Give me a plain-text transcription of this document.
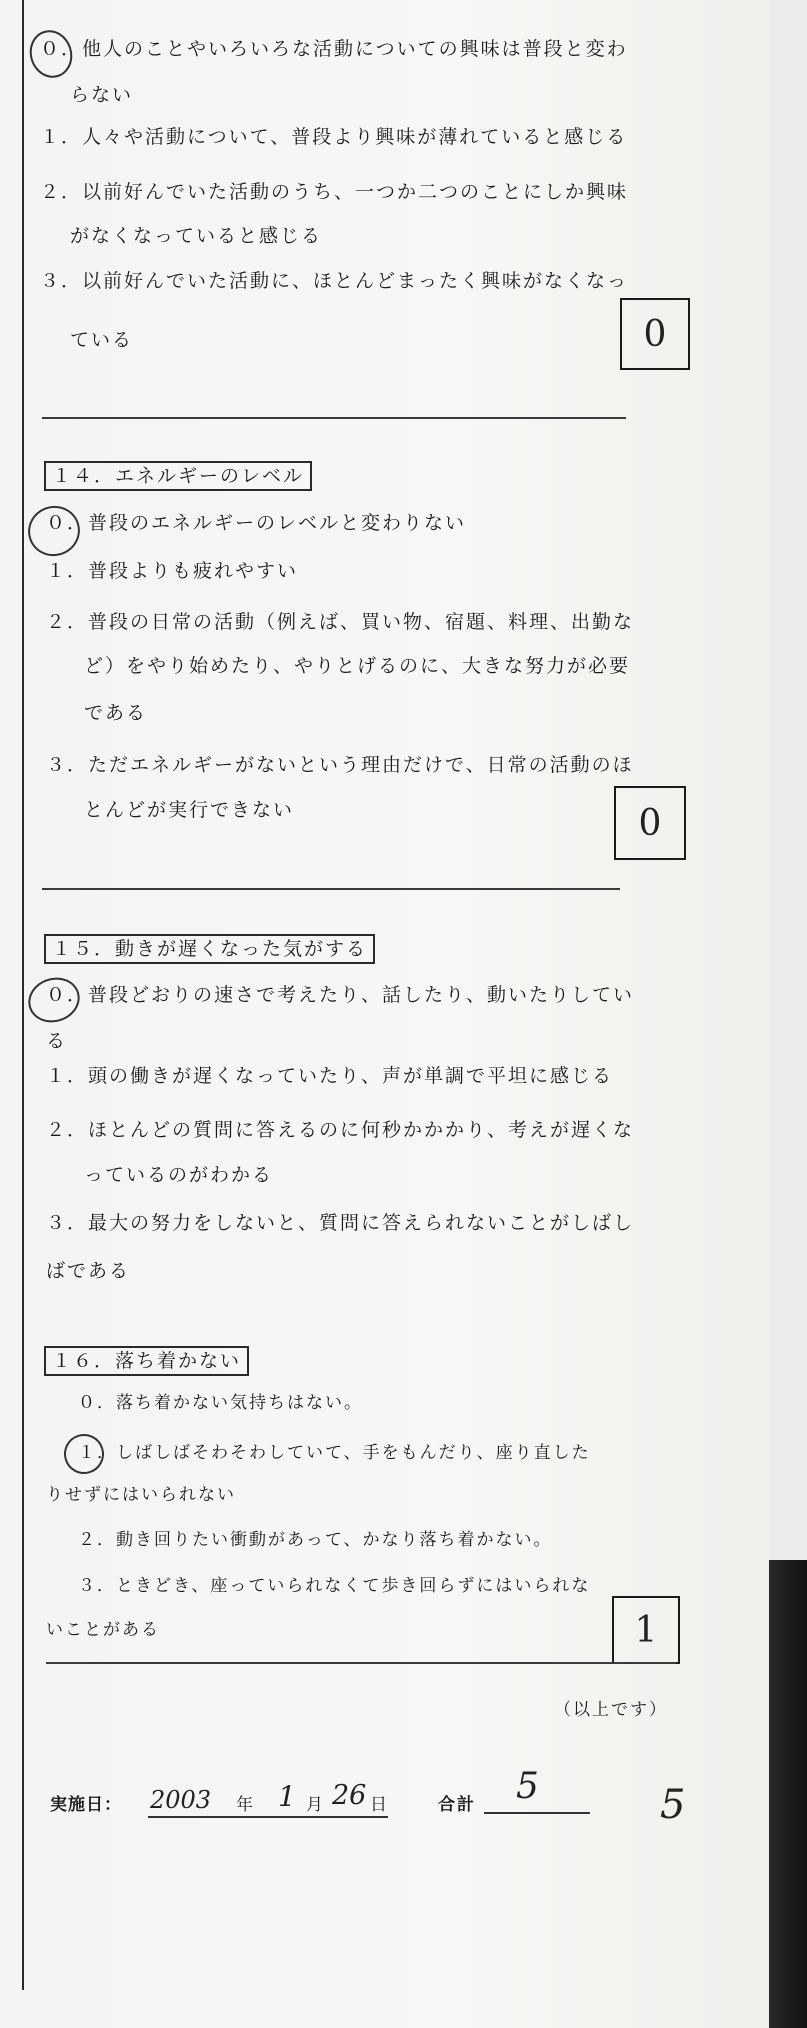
０．他人のことやいろいろな活動についての興味は普段と変わ
らない
１．人々や活動について、普段より興味が薄れていると感じる
２．以前好んでいた活動のうち、一つか二つのことにしか興味
がなくなっていると感じる
３．以前好んでいた活動に、ほとんどまったく興味がなくなっ
ている	0
１４．エネルギーのレベル
０．普段のエネルギーのレベルと変わりない
１．普段よりも疲れやすい
２．普段の日常の活動（例えば、買い物、宿題、料理、出勤な
ど）をやり始めたり、やりとげるのに、大きな努力が必要
である
３．ただエネルギーがないという理由だけで、日常の活動のほ
とんどが実行できない	0
１５．動きが遅くなった気がする
０．普段どおりの速さで考えたり、話したり、動いたりしてい
る
１．頭の働きが遅くなっていたり、声が単調で平坦に感じる
２．ほとんどの質問に答えるのに何秒かかかり、考えが遅くな
っているのがわかる
３．最大の努力をしないと、質問に答えられないことがしばし
ばである
１６．落ち着かない
０．落ち着かない気持ちはない。
１．しばしばそわそわしていて、手をもんだり、座り直した
りせずにはいられない
２．動き回りたい衝動があって、かなり落ち着かない。
３．ときどき、座っていられなくて歩き回らずにはいられな
いことがある	1
（以上です）
実施日： 2003 年 1 月 26 日	合計 5	5
